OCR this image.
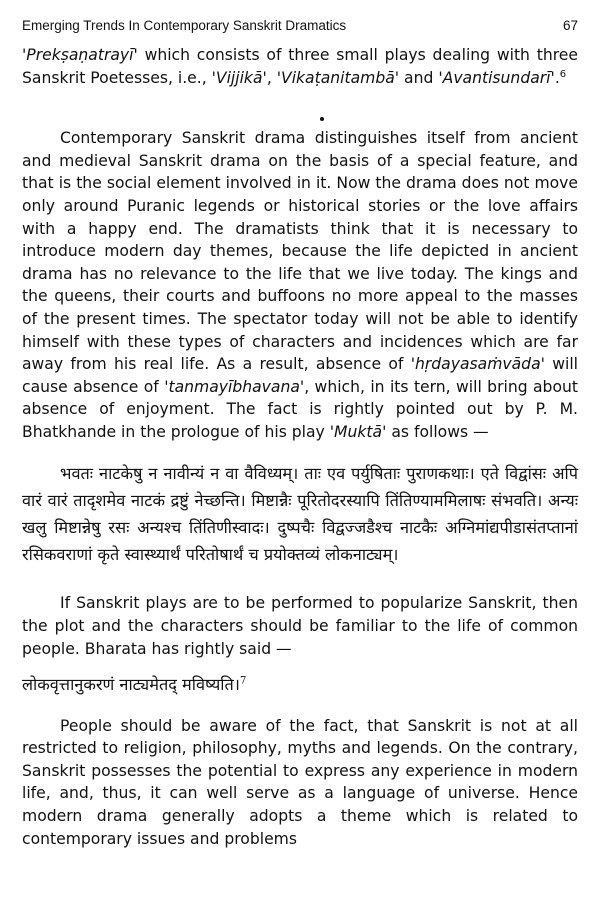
Emerging Trends In Contemporary Sanskrit Dramatics	67

'Prekṣaṇatrayī' which consists of three small plays dealing with three Sanskrit Poetesses, i.e., 'Vijjikā', 'Vikaṭanitambā' and 'Avantisundarī'.$^6$

Contemporary Sanskrit drama distinguishes itself from ancient and medieval Sanskrit drama on the basis of a special feature, and that is the social element involved in it. Now the drama does not move only around Puranic legends or historical stories or the love affairs with a happy end. The dramatists think that it is necessary to introduce modern day themes, because the life depicted in ancient drama has no relevance to the life that we live today. The kings and the queens, their courts and buffoons no more appeal to the masses of the present times. The spectator today will not be able to identify himself with these types of characters and incidences which are far away from his real life. As a result, absence of 'hṛdayasaṁvāda' will cause absence of 'tanmayībhavana', which, in its tern, will bring about absence of enjoyment. The fact is rightly pointed out by P. M. Bhatkhande in the prologue of his play 'Muktā' as follows —

भवतः नाटकेषु न नावीन्यं न वा वैविध्यम्। ताः एव पर्युषिताः पुराणकथाः। एते विद्वांसः अपि वारं वारं तादृशमेव नाटकं द्रष्टुं नेच्छन्ति। मिष्टान्नैः पूरितोदरस्यापि तिंतिण्याममिलाषः संभवति। अन्यः खलु मिष्टान्नेषु रसः अन्यश्च तिंतिणीस्वादः। दुष्पचैः विद्वज्जडैश्च नाटकैः अग्निमांद्यपीडासंतप्तानां रसिकवराणां कृते स्वास्थ्यार्थं परितोषार्थं च प्रयोक्तव्यं लोकनाट्यम्।

If Sanskrit plays are to be performed to popularize Sanskrit, then the plot and the characters should be familiar to the life of common people. Bharata has rightly said —

लोकवृत्तानुकरणं नाट्यमेतद् मविष्यति।$^7$

People should be aware of the fact, that Sanskrit is not at all restricted to religion, philosophy, myths and legends. On the contrary, Sanskrit possesses the potential to express any experience in modern life, and, thus, it can well serve as a language of universe. Hence modern drama generally adopts a theme which is related to contemporary issues and problems
